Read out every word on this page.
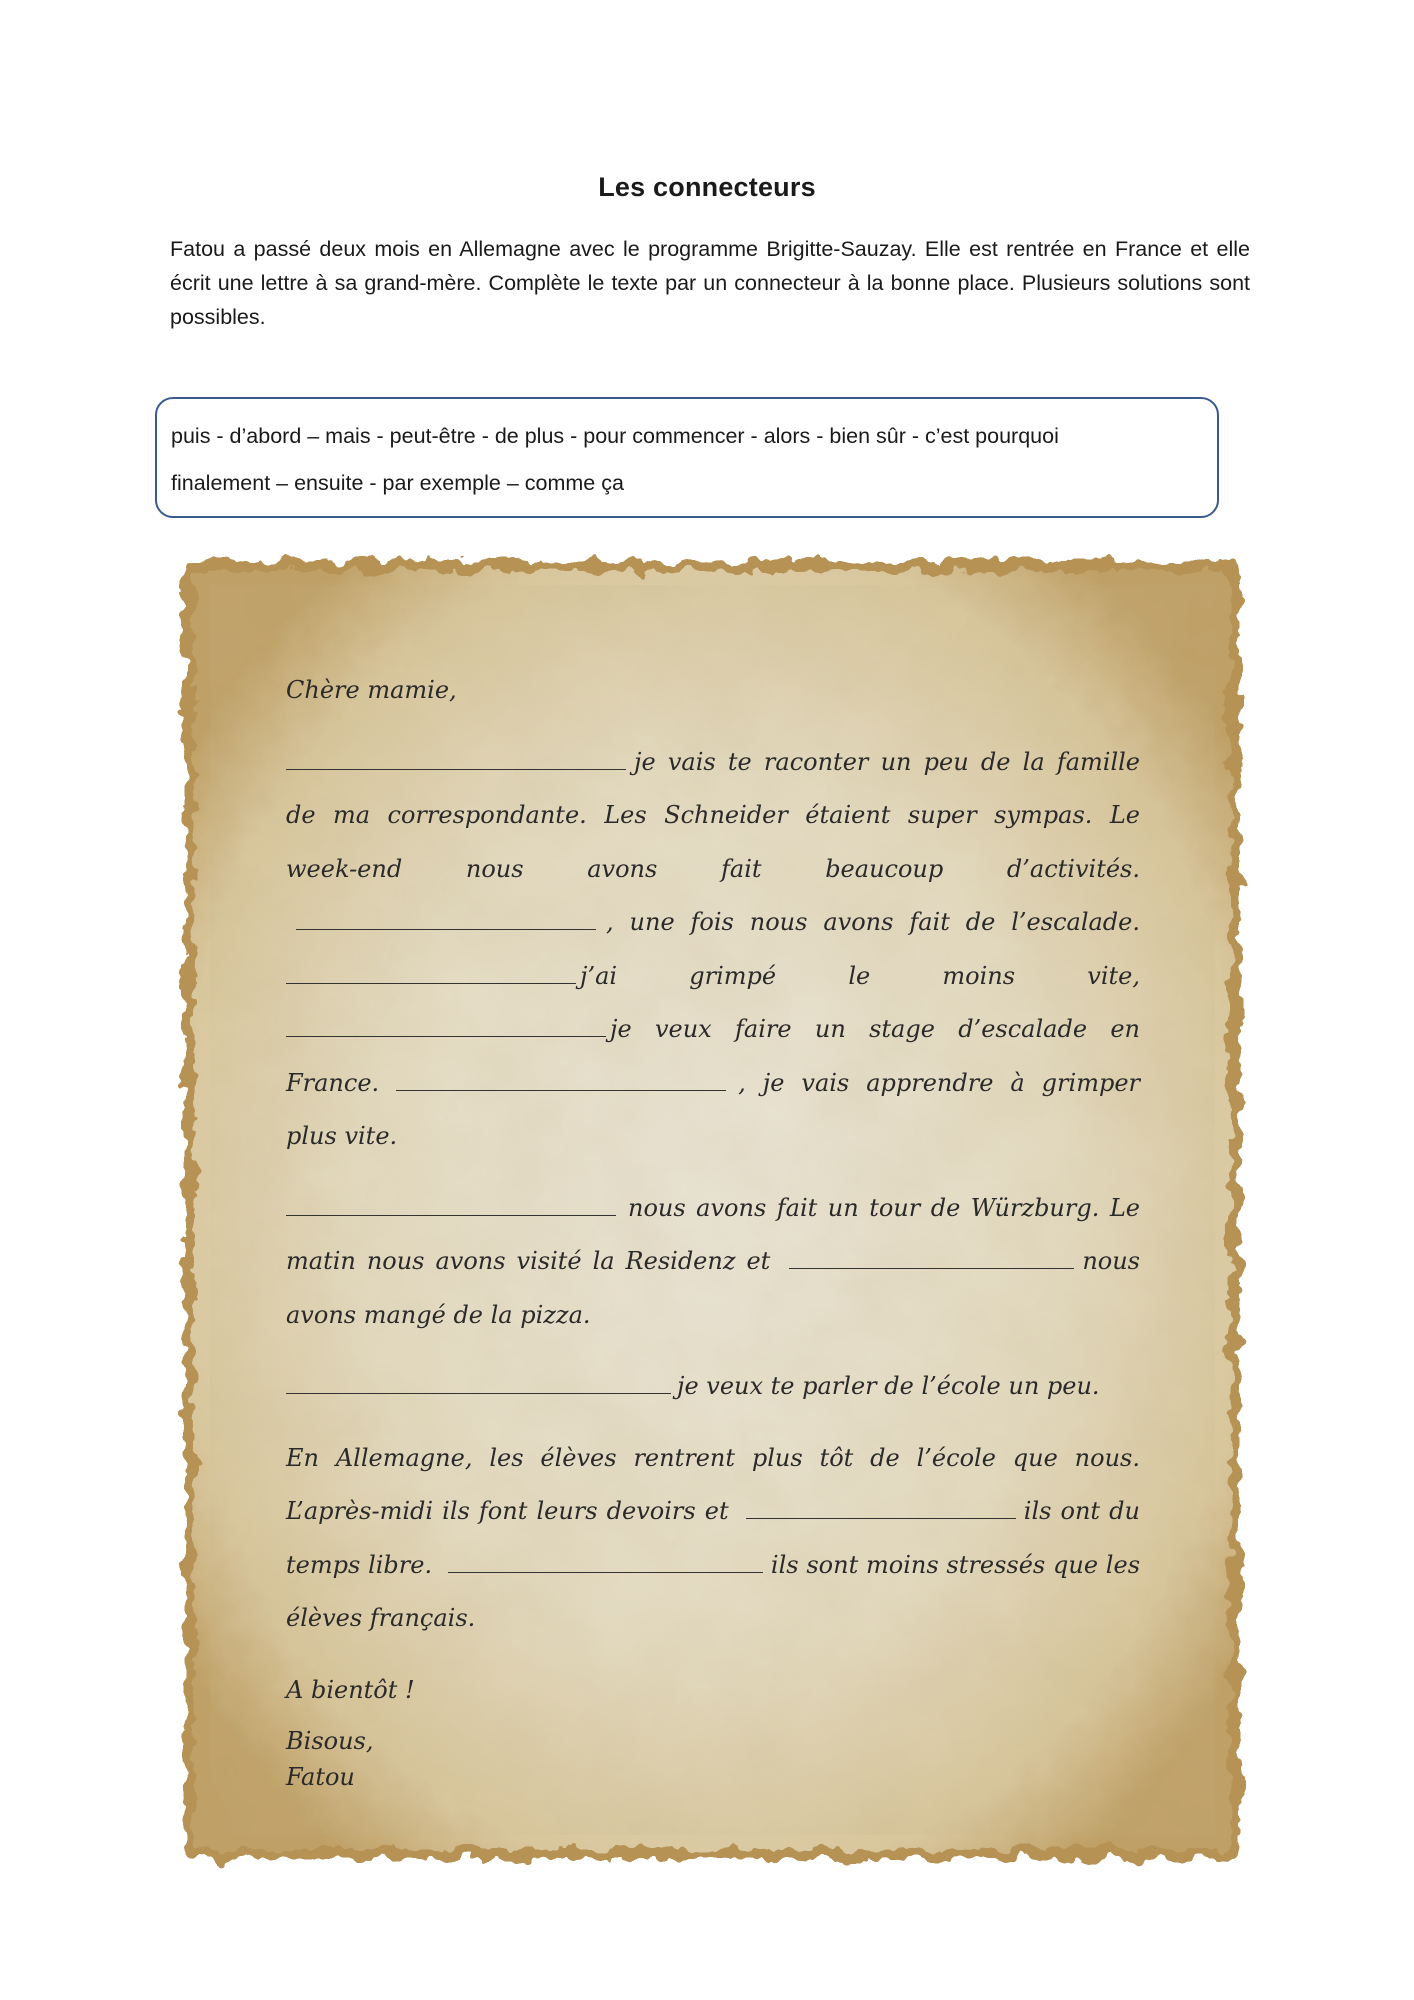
Les connecteurs
Fatou a passé deux mois en Allemagne avec le programme Brigitte-Sauzay. Elle est rentrée en France et elle écrit une lettre à sa grand-mère. Complète le texte par un connecteur à la bonne place. Plusieurs solutions sont possibles.
puis - d’abord – mais - peut-être - de plus - pour commencer - alors - bien sûr - c’est pourquoi
finalement – ensuite - par exemple – comme ça

Chère mamie,

je vais te raconter un peu de la famille de ma correspondante. Les Schneider étaient super sympas. Le week-end nous avons fait beaucoup d’activités. , une fois nous avons fait de l’escalade. j’ai grimpé le moins vite, je veux faire un stage d’escalade en France.	, je vais apprendre à grimper plus vite.

nous avons fait un tour de Würzburg. Le matin nous avons visité la Residenz et	nous avons mangé de la pizza.

je veux te parler de l’école un peu.

En Allemagne, les élèves rentrent plus tôt de l’école que nous. L’après-midi ils font leurs devoirs et	ils ont du temps libre.	ils sont moins stressés que les élèves français.

A bientôt !

Bisous,

Fatou
